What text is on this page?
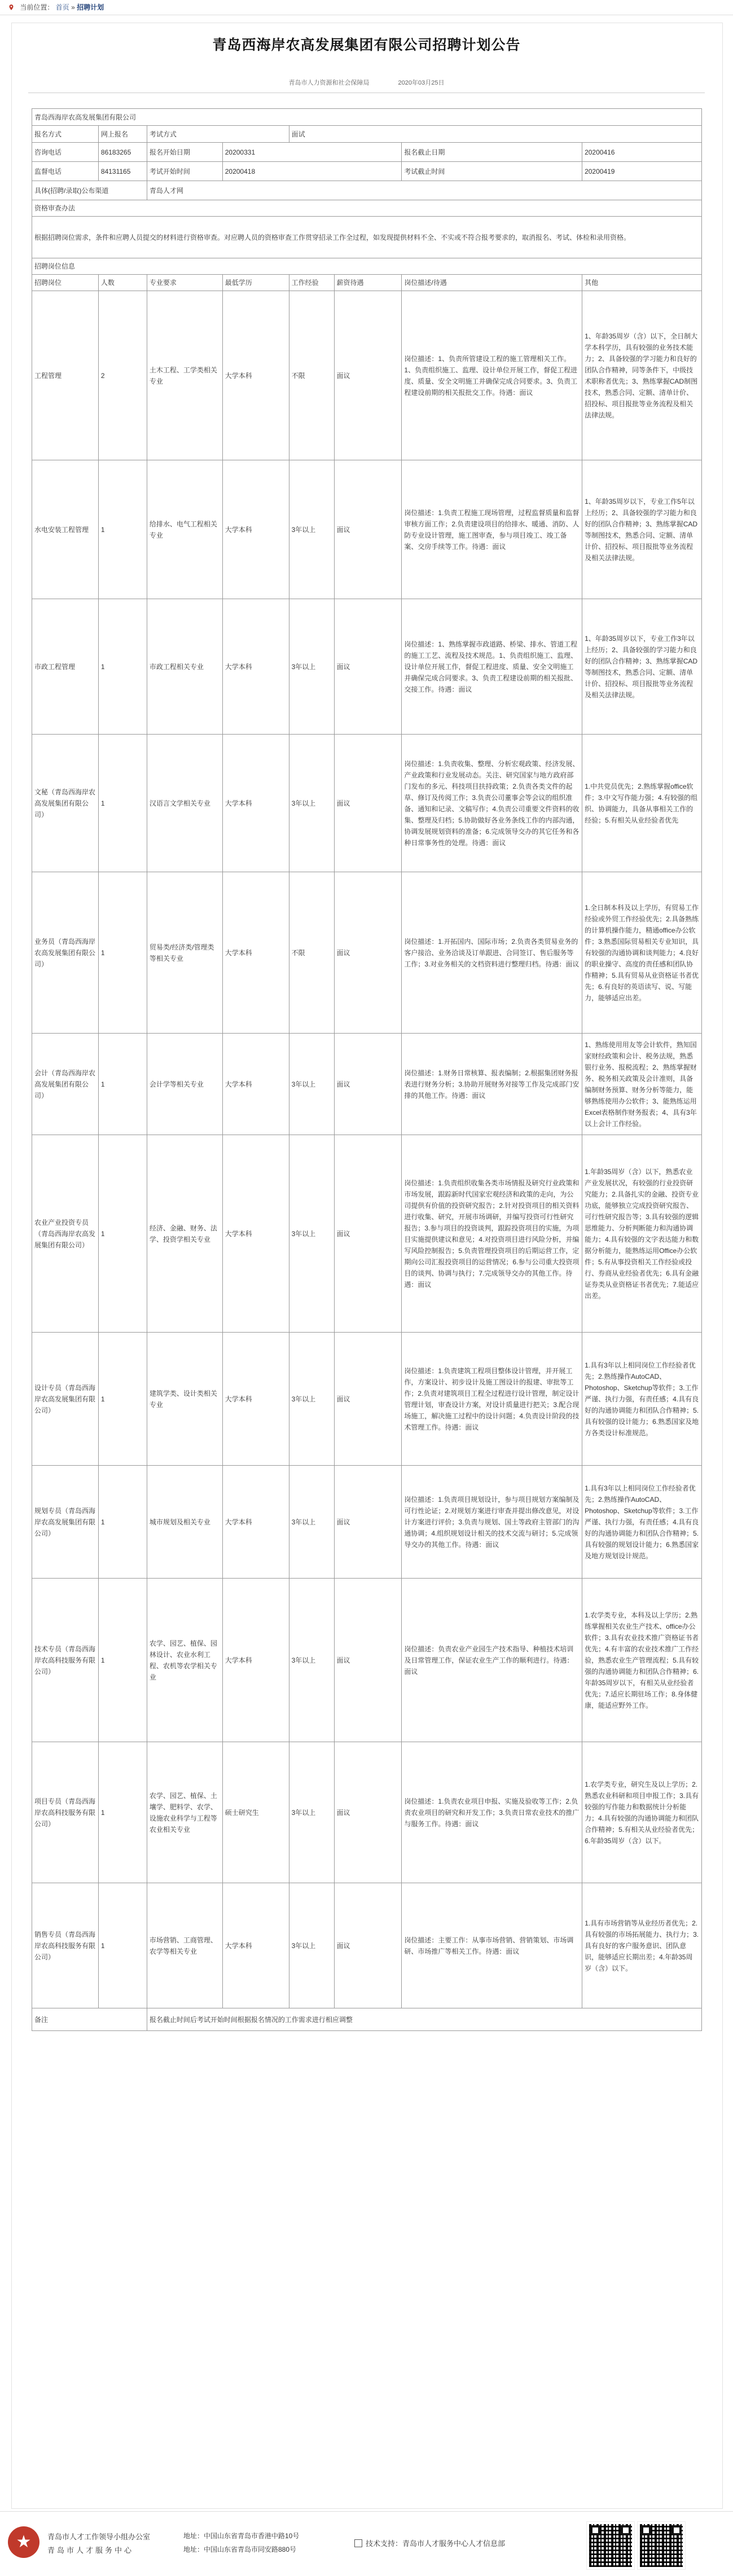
当前位置： 首页 » 招聘计划
青岛西海岸农高发展集团有限公司招聘计划公告
青岛市人力资源和社会保障局	2020年03月25日
青岛西海岸农高发展集团有限公司							
报名方式	网上报名	考试方式		面试			
咨询电话	86183265	报名开始日期	20200331			报名截止日期	20200416
监督电话	84131165	考试开始时间	20200418			考试截止时间	20200419
具体(招聘/录取)公布渠道		青岛人才网					
资格审查办法							
根据招聘岗位需求，条件和应聘人员提交的材料进行资格审查。对应聘人员的资格审查工作贯穿招录工作全过程，如发现提供材料不全、不实或不符合报考要求的，取消报名、考试、体检和录用资格。							
招聘岗位信息							
招聘岗位	人数	专业要求	最低学历	工作经验	薪资待遇	岗位描述/待遇	其他
工程管理	2	土木工程、工学类相关专业	大学本科	不限	面议	岗位描述：1、负责所管建设工程的施工管理相关工作。1、负责组织施工、监理、设计单位开展工作，督促工程进度、质量、安全文明施工并确保完成合同要求。3、负责工程建设前期的相关报批交工作。待遇：面议	1、年龄35周岁（含）以下，全日制大学本科学历，具有较强的业务技术能力；2、具备较强的学习能力和良好的团队合作精神，同等条件下，中级技术职称者优先；3、熟练掌握CAD制图技术，熟悉合同、定额、清单计价、招投标、项目报批等业务流程及相关法律法规。
水电安装工程管理	1	给排水、电气工程相关专业	大学本科	3年以上	面议	岗位描述：1.负责工程施工现场管理，过程监督质量和监督审核方面工作；2.负责建设项目的给排水、暖通、消防、人防专业设计管理，施工图审查，参与项目竣工、竣工备案、交房手续等工作。待遇：面议	1、年龄35周岁以下，专业工作5年以上经历；2、具备较强的学习能力和良好的团队合作精神；3、熟练掌握CAD等制图技术，熟悉合同、定额、清单计价、招投标、项目报批等业务流程及相关法律法规。
市政工程管理	1	市政工程相关专业	大学本科	3年以上	面议	岗位描述：1、熟练掌握市政道路、桥梁、排水、管道工程的施工工艺、流程及技术规范。1、负责组织施工、监理、设计单位开展工作，督促工程进度、质量、安全文明施工并确保完成合同要求。3、负责工程建设前期的相关报批、交接工作。待遇：面议	1、年龄35周岁以下，专业工作3年以上经历；2、具备较强的学习能力和良好的团队合作精神；3、熟练掌握CAD等制图技术，熟悉合同、定额、清单计价、招投标、项目报批等业务流程及相关法律法规。
文秘（青岛西海岸农高发展集团有限公司）	1	汉语言文学相关专业	大学本科	3年以上	面议	岗位描述：1.负责收集、整理、分析宏观政策、经济发展、产业政策和行业发展动态。关注、研究国家与地方政府部门发布的多元、科技项目扶持政策；2.负责各类文件的起草、修订及传阅工作；3.负责公司董事会等会议的组织准备、通知和记录、文稿写作；4.负责公司重要文件资料的收集、整理及归档；5.协助做好各业务条线工作的内部沟通，协调发展规划资料的准备；6.完成领导交办的其它任务和各种日常事务性的处理。待遇：面议	1.中共党员优先；2.熟练掌握office软件；3.中文写作能力强；4.有较强的组织、协调能力，具备从事相关工作的经验；5.有相关从业经验者优先
业务员（青岛西海岸农高发展集团有限公司）	1	贸易类/经济类/管理类等相关专业	大学本科	不限	面议	岗位描述：1.开拓国内、国际市场；2.负责各类贸易业务的客户接洽、业务洽谈及订单跟进、合同签订、售后服务等工作；3.对业务相关的文档资料进行整理归档。待遇：面议	1.全日制本科及以上学历，有贸易工作经验或外贸工作经验优先；2.具备熟练的计算机操作能力，精通office办公软件；3.熟悉国际贸易相关专业知识，具有较强的沟通协调和谈判能力；4.良好的职业操守、高度的责任感和团队协作精神；5.具有贸易从业资格证书者优先；6.有良好的英语读写、说、写能力，能够适应出差。
会计（青岛西海岸农高发展集团有限公司）	1	会计学等相关专业	大学本科	3年以上	面议	岗位描述：1.财务日常核算、报表编制；2.根据集团财务报表进行财务分析；3.协助开展财务对接等工作及完成部门安排的其他工作。待遇：面议	1、熟练使用用友等会计软件，熟知国家财经政策和会计、税务法规，熟悉银行业务、报税流程；2、熟练掌握财务、税务相关政策及会计准则，具备编制财务预算、财务分析等能力，能够熟练使用办公软件；3、能熟练运用Excel表格制作财务报表；4、具有3年以上会计工作经验。
农业产业投资专员（青岛西海岸农高发展集团有限公司）	1	经济、金融、财务、法学、投资学相关专业	大学本科	3年以上	面议	岗位描述：1.负责组织收集各类市场情报及研究行业政策和市场发展，跟踪新时代国家宏观经济和政策的走向，为公司提供有价值的投资研究报告；2.针对投资项目的相关资料进行收集、研究，开展市场调研，并编写投资可行性研究报告；3.参与项目的投资谈判，跟踪投资项目的实施，为项目实施提供建议和意见；4.对投资项目进行风险分析，并编写风险控制报告；5.负责管理投资项目的后期运营工作，定期向公司汇报投资项目的运营情况；6.参与公司重大投资项目的谈判、协调与执行；7.完成领导交办的其他工作。待遇：面议	1.年龄35周岁（含）以下，熟悉农业产业发展状况，有较强的行业投资研究能力；2.具备扎实的金融、投资专业功底，能够独立完成投资研究报告、可行性研究报告等；3.具有较强的逻辑思维能力、分析判断能力和沟通协调能力；4.具有较强的文字表达能力和数据分析能力，能熟练运用Office办公软件；5.有从事投资相关工作经验或投行、券商从业经验者优先；6.具有金融证券类从业资格证书者优先；7.能适应出差。
设计专员（青岛西海岸农高发展集团有限公司）	1	建筑学类、设计类相关专业	大学本科	3年以上	面议	岗位描述：1.负责建筑工程项目整体设计管理，并开展工作，方案设计、初步设计及施工图设计的报建、审批等工作；2.负责对建筑项目工程全过程进行设计管理，制定设计管理计划，审查设计方案，对设计质量进行把关；3.配合现场施工，解决施工过程中的设计问题；4.负责设计阶段的技术管理工作。待遇：面议	1.具有3年以上相同岗位工作经验者优先；2.熟练操作AutoCAD、Photoshop、Sketchup等软件；3.工作严谨、执行力强，有责任感；4.具有良好的沟通协调能力和团队合作精神；5.具有较强的设计能力；6.熟悉国家及地方各类设计标准规范。
规划专员（青岛西海岸农高发展集团有限公司）	1	城市规划及相关专业	大学本科	3年以上	面议	岗位描述：1.负责项目规划设计，参与项目规划方案编制及可行性论证；2.对规划方案进行审查并提出修改意见，对设计方案进行评价；3.负责与规划、国土等政府主管部门的沟通协调；4.组织规划设计相关的技术交流与研讨；5.完成领导交办的其他工作。待遇：面议	1.具有3年以上相同岗位工作经验者优先；2.熟练操作AutoCAD、Photoshop、Sketchup等软件；3.工作严谨、执行力强，有责任感；4.具有良好的沟通协调能力和团队合作精神；5.具有较强的规划设计能力；6.熟悉国家及地方规划设计规范。
技术专员（青岛西海岸农高科技服务有限公司）	1	农学、园艺、植保、园林设计、农业水利工程、农机等农学相关专业	大学本科	3年以上	面议	岗位描述：负责农业产业园生产技术指导、种植技术培训及日常管理工作，保证农业生产工作的顺利进行。待遇：面议	1.农学类专业，本科及以上学历；2.熟练掌握相关农业生产技术、office办公软件；3.具有农业技术推广资格证书者优先；4.有丰富的农业技术推广工作经验，熟悉农业生产管理流程；5.具有较强的沟通协调能力和团队合作精神；6.年龄35周岁以下，有相关从业经验者优先；7.适应长期驻场工作；8.身体健康，能适应野外工作。
项目专员（青岛西海岸农高科技服务有限公司）	1	农学、园艺、植保、土壤学、肥料学、农学、设施农业科学与工程等农业相关专业	硕士研究生	3年以上	面议	岗位描述：1.负责农业项目申报、实施及验收等工作；2.负责农业项目的研究和开发工作；3.负责日常农业技术的推广与服务工作。待遇：面议	1.农学类专业，研究生及以上学历；2.熟悉农业科研和项目申报工作；3.具有较强的写作能力和数据统计分析能力；4.具有较强的沟通协调能力和团队合作精神；5.有相关从业经验者优先；6.年龄35周岁（含）以下。
销售专员（青岛西海岸农高科技服务有限公司）	1	市场营销、工商管理、农学等相关专业	大学本科	3年以上	面议	岗位描述：主要工作：从事市场营销、营销策划、市场调研、市场推广等相关工作。待遇：面议	1.具有市场营销等从业经历者优先；2.具有较强的市场拓展能力、执行力；3.具有良好的客户服务意识、团队意识，能够适应长期出差；4.年龄35周岁（含）以下。
备注		报名截止时间后考试开始时间根据报名情况的工作需求进行相应调整					
★	青岛市人才工作领导小组办公室
青岛市人才服务中心
地址：中国山东省青岛市香港中路10号
地址：中国山东省青岛市同安路880号
技术支持：青岛市人才服务中心人才信息部
